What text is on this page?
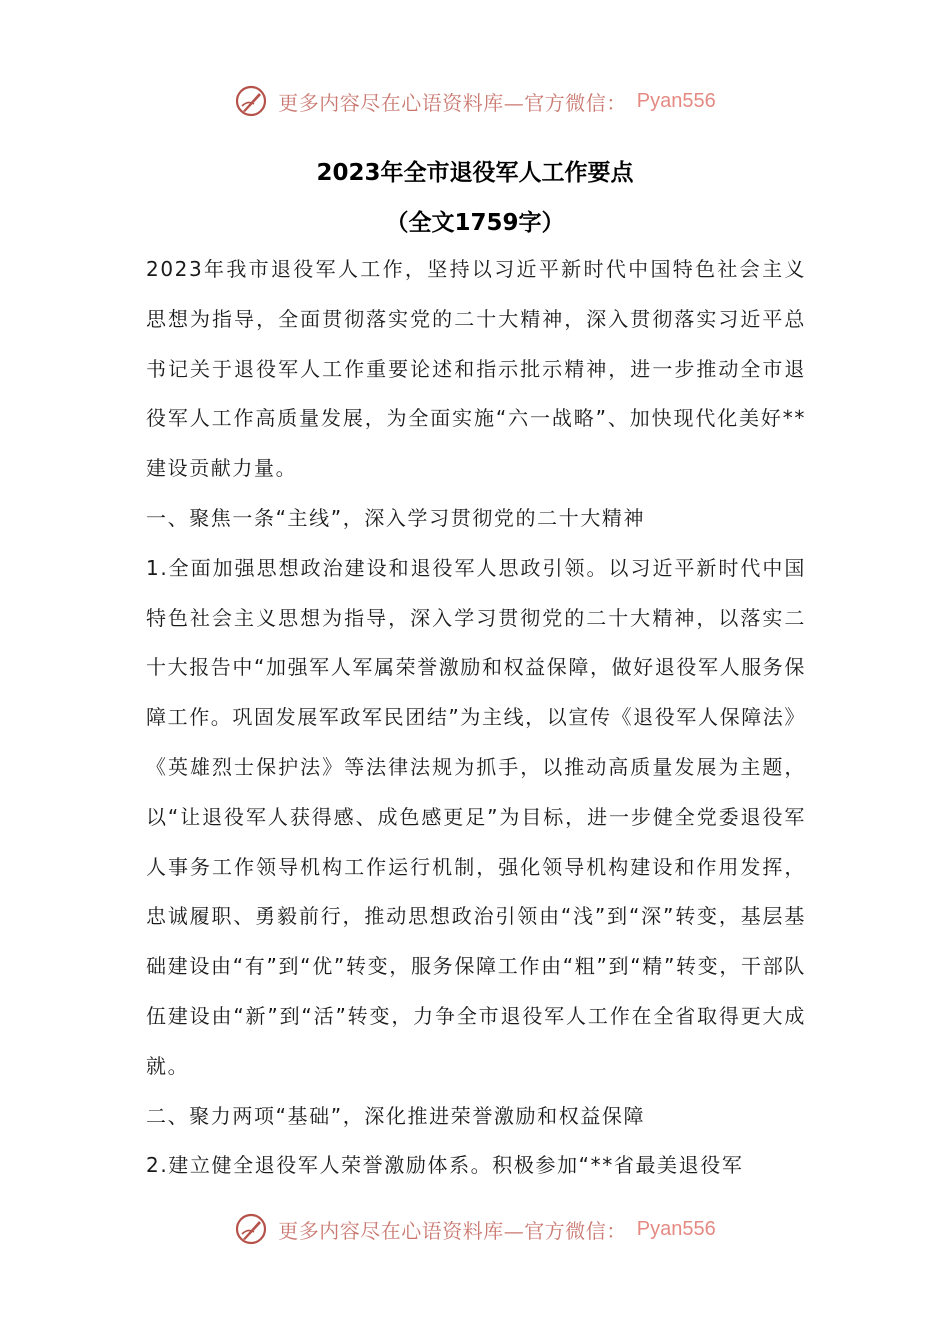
更多内容尽在心语资料库—官方微信： Pyan556
2023年全市退役军人工作要点
（全文1759字）

2023年我市退役军人工作，坚持以习近平新时代中国特色社会主义思想为指导，全面贯彻落实党的二十大精神，深入贯彻落实习近平总书记关于退役军人工作重要论述和指示批示精神，进一步推动全市退役军人工作高质量发展，为全面实施“六一战略”、加快现代化美好**建设贡献力量。

一、聚焦一条“主线”，深入学习贯彻党的二十大精神

1.全面加强思想政治建设和退役军人思政引领。以习近平新时代中国特色社会主义思想为指导，深入学习贯彻党的二十大精神，以落实二十大报告中“加强军人军属荣誉激励和权益保障，做好退役军人服务保障工作。巩固发展军政军民团结”为主线，以宣传《退役军人保障法》《英雄烈士保护法》等法律法规为抓手，以推动高质量发展为主题，以“让退役军人获得感、成色感更足”为目标，进一步健全党委退役军人事务工作领导机构工作运行机制，强化领导机构建设和作用发挥，忠诚履职、勇毅前行，推动思想政治引领由“浅”到“深”转变，基层基础建设由“有”到“优”转变，服务保障工作由“粗”到“精”转变，干部队伍建设由“新”到“活”转变，力争全市退役军人工作在全省取得更大成就。

二、聚力两项“基础”，深化推进荣誉激励和权益保障

2.建立健全退役军人荣誉激励体系。积极参加“**省最美退役军

更多内容尽在心语资料库—官方微信： Pyan556
